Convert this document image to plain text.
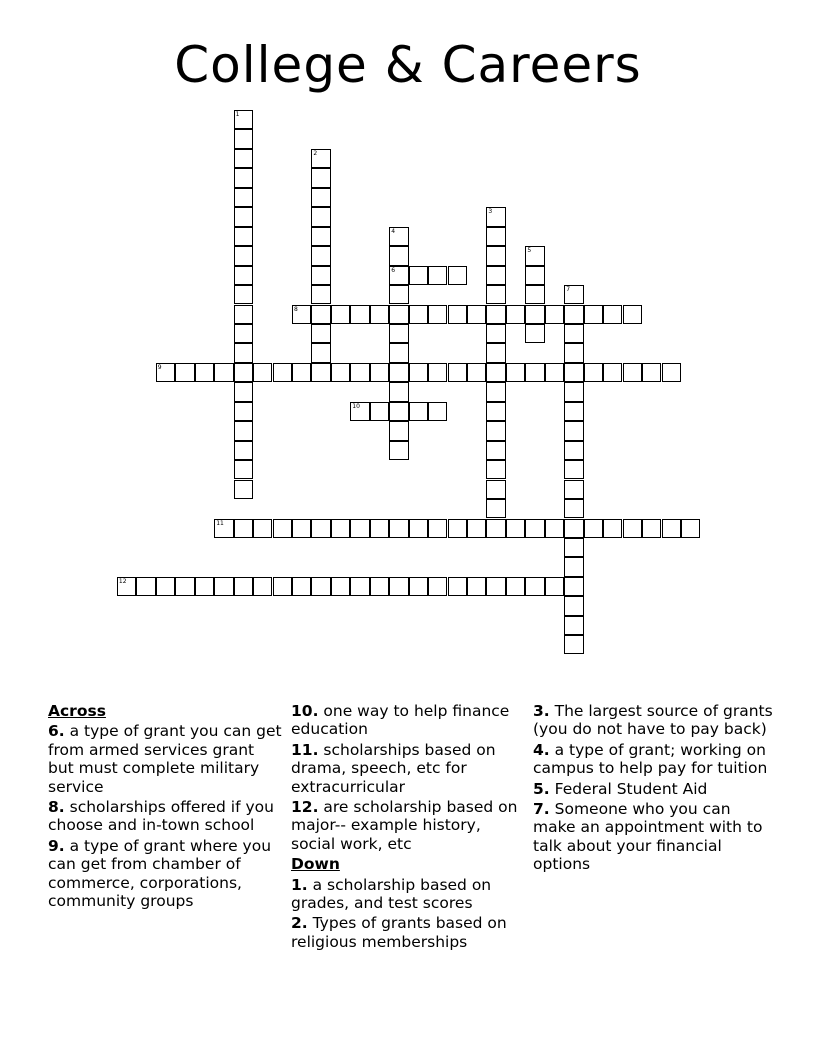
College & Careers
1
2
3
4
6
5
7
8
9
10
11
12
Across
6. a type of grant you can get from armed services grant but must complete military service
8. scholarships offered if you choose and in-town school
9. a type of grant where you can get from chamber of commerce, corporations, community groups
10. one way to help finance education
11. scholarships based on drama, speech, etc for extracurricular
12. are scholarship based on major-- example history, social work, etc
Down
1. a scholarship based on grades, and test scores
2. Types of grants based on religious memberships
3. The largest source of grants (you do not have to pay back)
4. a type of grant; working on campus to help pay for tuition
5. Federal Student Aid
7. Someone who you can make an appointment with to talk about your financial options
